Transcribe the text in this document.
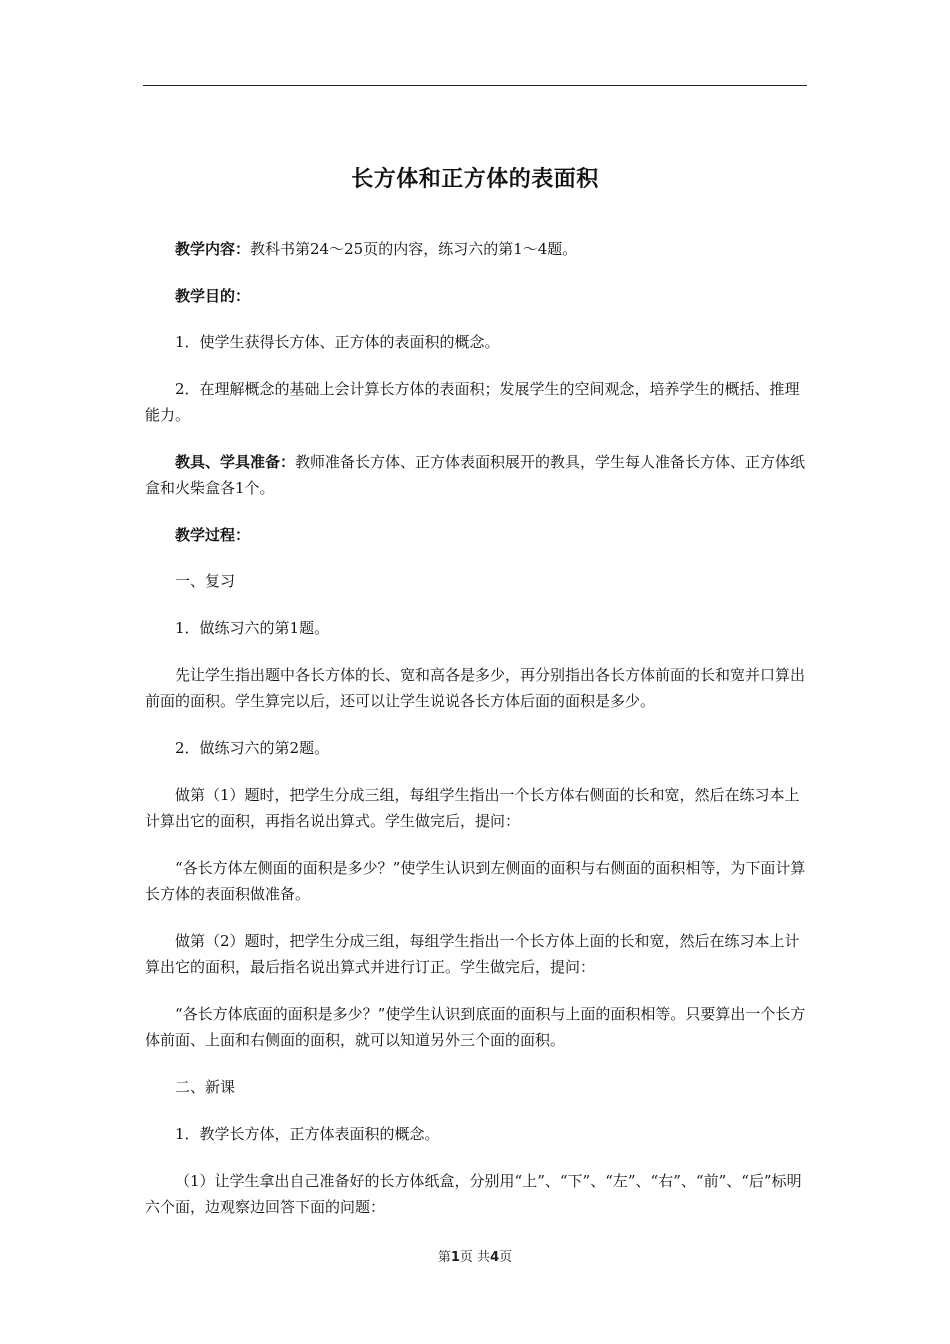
长方体和正方体的表面积

教学内容：教科书第24～25页的内容，练习六的第1～4题。

教学目的：

1．使学生获得长方体、正方体的表面积的概念。

2．在理解概念的基础上会计算长方体的表面积；发展学生的空间观念，培养学生的概括、推理能力。

教具、学具准备：教师准备长方体、正方体表面积展开的教具，学生每人准备长方体、正方体纸盒和火柴盒各1个。

教学过程：

一、复习

1．做练习六的第1题。

先让学生指出题中各长方体的长、宽和高各是多少，再分别指出各长方体前面的长和宽并口算出前面的面积。学生算完以后，还可以让学生说说各长方体后面的面积是多少。

2．做练习六的第2题。

做第（1）题时，把学生分成三组，每组学生指出一个长方体右侧面的长和宽，然后在练习本上计算出它的面积，再指名说出算式。学生做完后，提问：

“各长方体左侧面的面积是多少？”使学生认识到左侧面的面积与右侧面的面积相等，为下面计算长方体的表面积做准备。

做第（2）题时，把学生分成三组，每组学生指出一个长方体上面的长和宽，然后在练习本上计算出它的面积，最后指名说出算式并进行订正。学生做完后，提问：

“各长方体底面的面积是多少？”使学生认识到底面的面积与上面的面积相等。只要算出一个长方体前面、上面和右侧面的面积，就可以知道另外三个面的面积。

二、新课

1．教学长方体，正方体表面积的概念。

（1）让学生拿出自己准备好的长方体纸盒，分别用“上”、“下”、“左”、“右”、“前”、“后”标明六个面，边观察边回答下面的问题：

第1页 共4页
